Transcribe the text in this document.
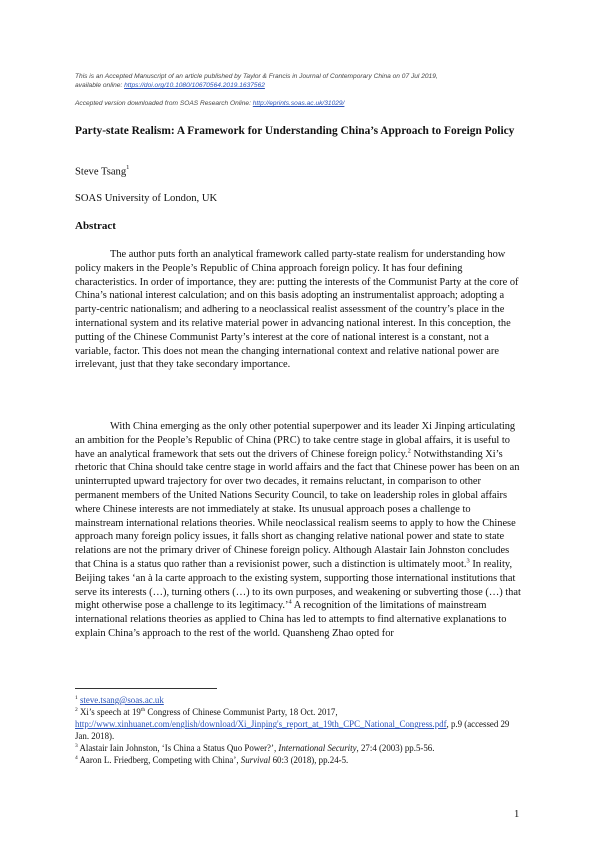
This is an Accepted Manuscript of an article published by Taylor & Francis in Journal of Contemporary China on 07 Jul 2019,
available online: https://doi.org/10.1080/10670564.2019.1637562
Accepted version downloaded from SOAS Research Online: http://eprints.soas.ac.uk/31029/
Party-state Realism: A Framework for Understanding China’s Approach to Foreign Policy
Steve Tsang$^1$
SOAS University of London, UK
Abstract
The author puts forth an analytical framework called party-state realism for understanding how policy makers in the People’s Republic of China approach foreign policy. It has four defining characteristics. In order of importance, they are: putting the interests of the Communist Party at the core of China’s national interest calculation; and on this basis adopting an instrumentalist approach; adopting a party-centric nationalism; and adhering to a neoclassical realist assessment of the country’s place in the international system and its relative material power in advancing national interest. In this conception, the putting of the Chinese Communist Party’s interest at the core of national interest is a constant, not a variable, factor. This does not mean the changing international context and relative national power are irrelevant, just that they take secondary importance.
With China emerging as the only other potential superpower and its leader Xi Jinping articulating an ambition for the People’s Republic of China (PRC) to take centre stage in global affairs, it is useful to have an analytical framework that sets out the drivers of Chinese foreign policy.$^2$ Notwithstanding Xi’s rhetoric that China should take centre stage in world affairs and the fact that Chinese power has been on an uninterrupted upward trajectory for over two decades, it remains reluctant, in comparison to other permanent members of the United Nations Security Council, to take on leadership roles in global affairs where Chinese interests are not immediately at stake. Its unusual approach poses a challenge to mainstream international relations theories. While neoclassical realism seems to apply to how the Chinese approach many foreign policy issues, it falls short as changing relative national power and state to state relations are not the primary driver of Chinese foreign policy. Although Alastair Iain Johnston concludes that China is a status quo rather than a revisionist power, such a distinction is ultimately moot.$^3$ In reality, Beijing takes ‘an à la carte approach to the existing system, supporting those international institutions that serve its interests (…), turning others (…) to its own purposes, and weakening or subverting those (…) that might otherwise pose a challenge to its legitimacy.’$^4$ A recognition of the limitations of mainstream international relations theories as applied to China has led to attempts to find alternative explanations to explain China’s approach to the rest of the world. Quansheng Zhao opted for
$^1$ steve.tsang@soas.ac.uk
$^2$ Xi’s speech at 19th Congress of Chinese Communist Party, 18 Oct. 2017,
http://www.xinhuanet.com/english/download/Xi_Jinping's_report_at_19th_CPC_National_Congress.pdf, p.9 (accessed 29 Jan. 2018).
$^3$ Alastair Iain Johnston, ‘Is China a Status Quo Power?’, International Security, 27:4 (2003) pp.5-56.
$^4$ Aaron L. Friedberg, Competing with China’, Survival 60:3 (2018), pp.24-5.
1
